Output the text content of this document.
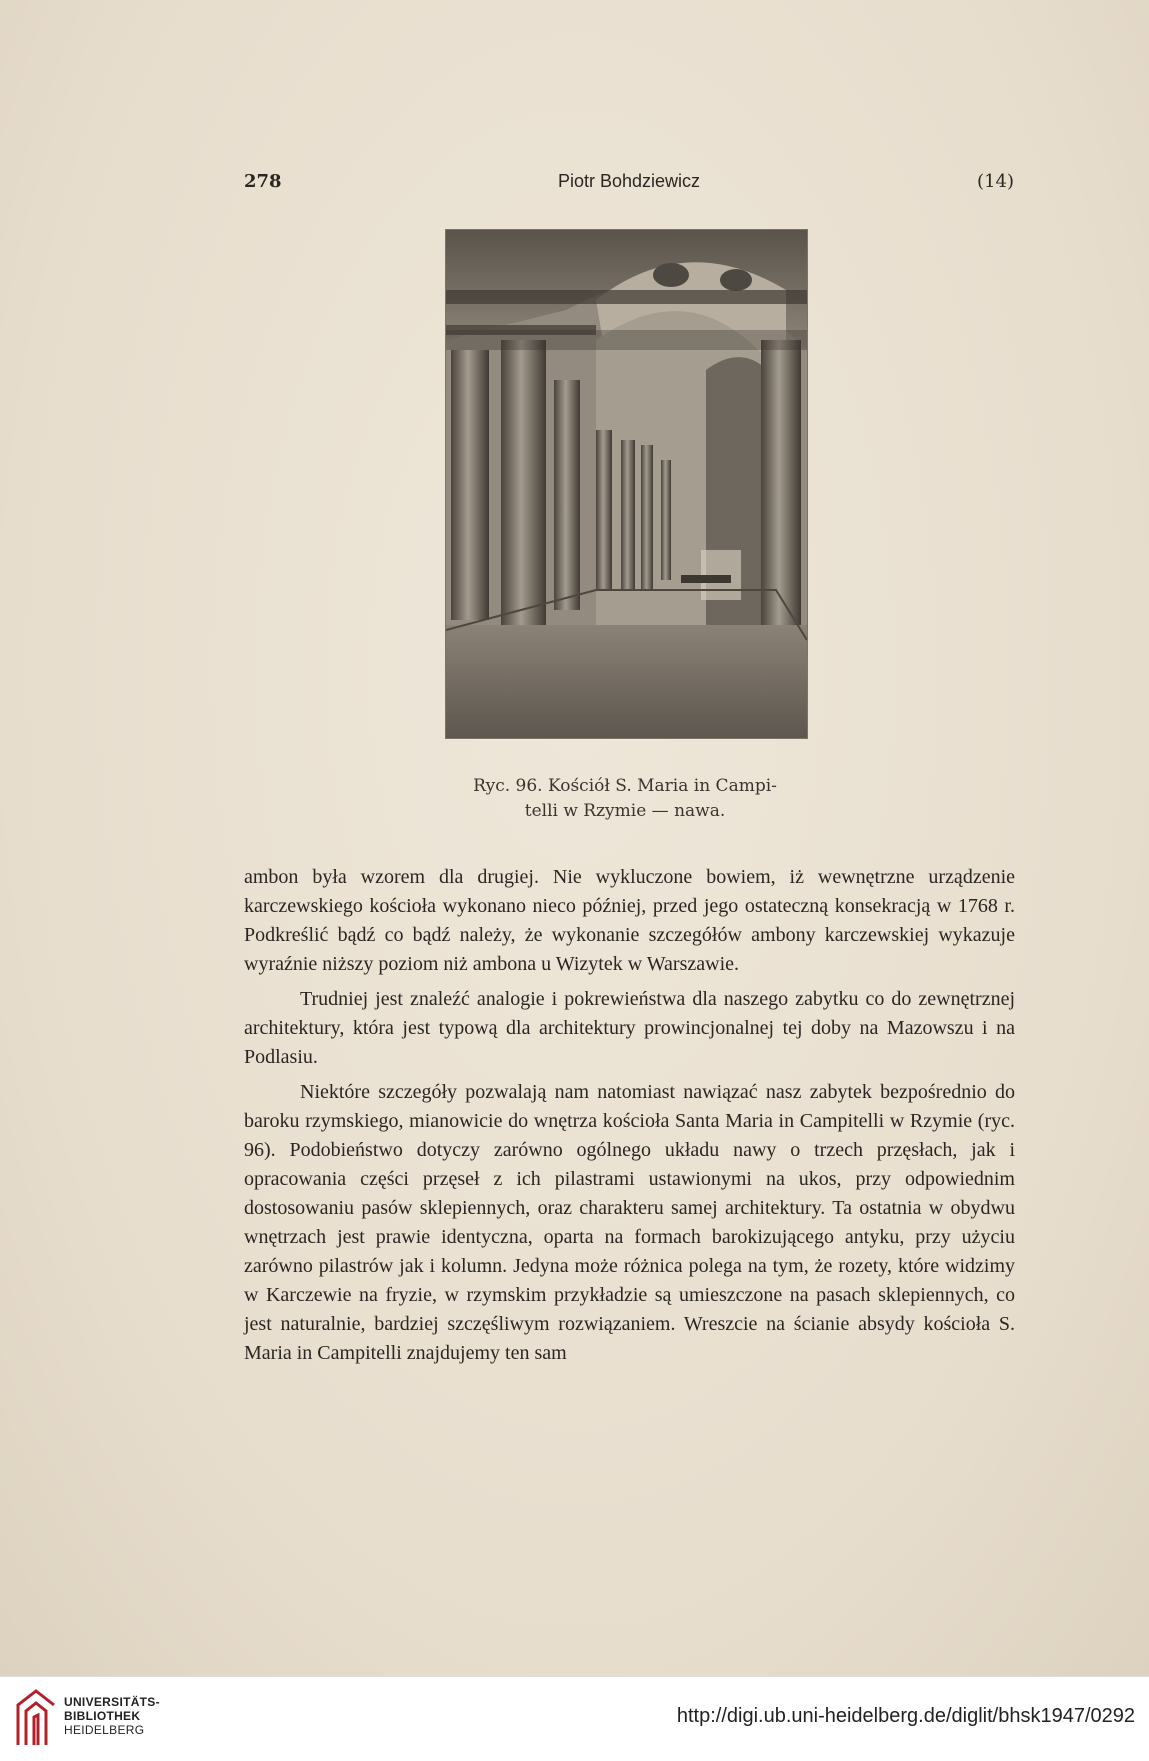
278	Piotr Bohdziewicz	(14)
Ryc. 96. Kościół S. Maria in Campi-
telli w Rzymie — nawa.

ambon była wzorem dla drugiej. Nie wykluczone bowiem, iż wewnętrzne urządzenie karczewskiego kościoła wykonano nieco później, przed jego ostateczną konsekracją w 1768 r. Podkreślić bądź co bądź należy, że wykonanie szczegółów ambony karczewskiej wykazuje wyraźnie niższy poziom niż ambona u Wizytek w Warszawie.

Trudniej jest znaleźć analogie i pokrewieństwa dla naszego zabytku co do zewnętrznej architektury, która jest typową dla architektury prowincjonalnej tej doby na Mazowszu i na Podlasiu.

Niektóre szczegóły pozwalają nam natomiast nawiązać nasz zabytek bezpośrednio do baroku rzymskiego, mianowicie do wnętrza kościoła Santa Maria in Campitelli w Rzymie (ryc. 96). Podobieństwo dotyczy zarówno ogólnego układu nawy o trzech przęsłach, jak i opracowania części przęseł z ich pilastrami ustawionymi na ukos, przy odpowiednim dostosowaniu pasów sklepiennych, oraz charakteru samej architektury. Ta ostatnia w obydwu wnętrzach jest prawie identyczna, oparta na formach barokizującego antyku, przy użyciu zarówno pilastrów jak i kolumn. Jedyna może różnica polega na tym, że rozety, które widzimy w Karczewie na fryzie, w rzymskim przykładzie są umieszczone na pasach sklepiennych, co jest naturalnie, bardziej szczęśliwym rozwiązaniem. Wreszcie na ścianie absydy kościoła S. Maria in Campitelli znajdujemy ten sam

UNIVERSITÄTS-
BIBLIOTHEK
HEIDELBERG
http://digi.ub.uni-heidelberg.de/diglit/bhsk1947/0292
